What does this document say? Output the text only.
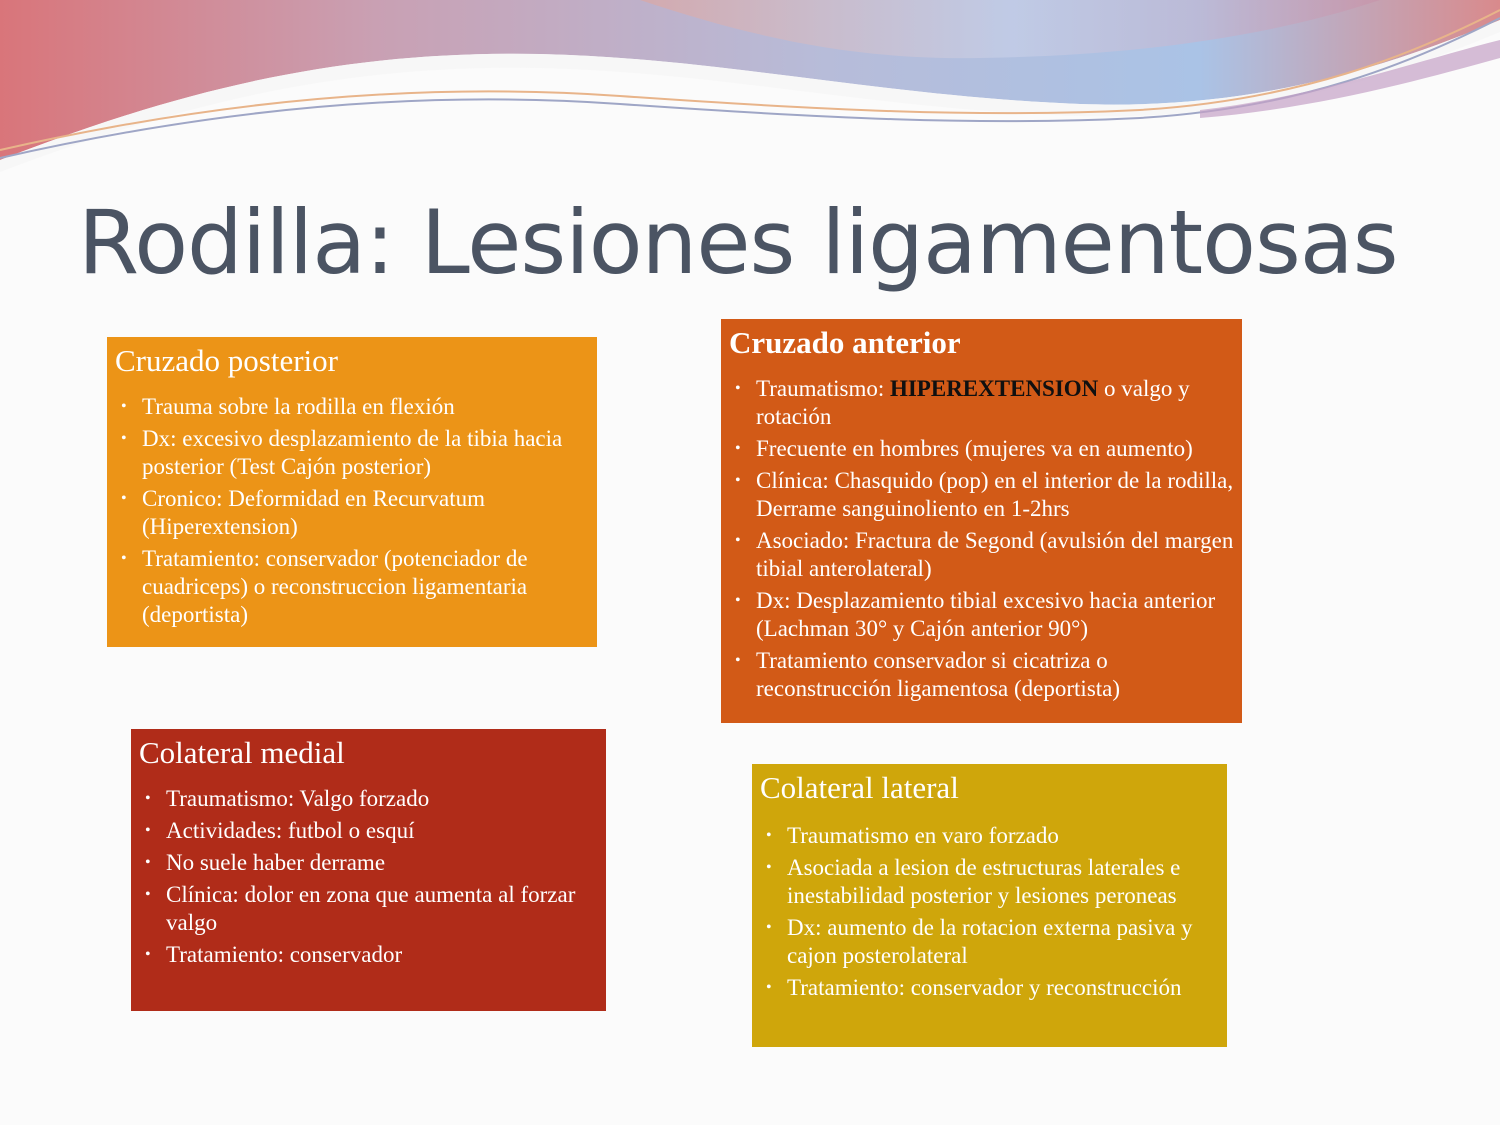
Rodilla: Lesiones ligamentosas
Cruzado posterior
• Trauma sobre la rodilla en flexión
• Dx: excesivo desplazamiento de la tibia hacia posterior (Test Cajón posterior)
• Cronico: Deformidad en Recurvatum (Hiperextension)
• Tratamiento: conservador (potenciador de cuadriceps) o reconstruccion ligamentaria (deportista)
Cruzado anterior
• Traumatismo: HIPEREXTENSION o valgo y rotación
• Frecuente en hombres (mujeres va en aumento)
• Clínica: Chasquido (pop) en el interior de la rodilla, Derrame sanguinoliento en 1-2hrs
• Asociado: Fractura de Segond (avulsión del margen tibial anterolateral)
• Dx: Desplazamiento tibial excesivo hacia anterior (Lachman 30° y Cajón anterior 90°)
• Tratamiento conservador si cicatriza o reconstrucción ligamentosa (deportista)
Colateral medial
• Traumatismo: Valgo forzado
• Actividades: futbol o esquí
• No suele haber derrame
• Clínica: dolor en zona que aumenta al forzar valgo
• Tratamiento: conservador
Colateral lateral
• Traumatismo en varo forzado
• Asociada a lesion de estructuras laterales e inestabilidad posterior y lesiones peroneas
• Dx: aumento de la rotacion externa pasiva y cajon posterolateral
• Tratamiento: conservador y reconstrucción
